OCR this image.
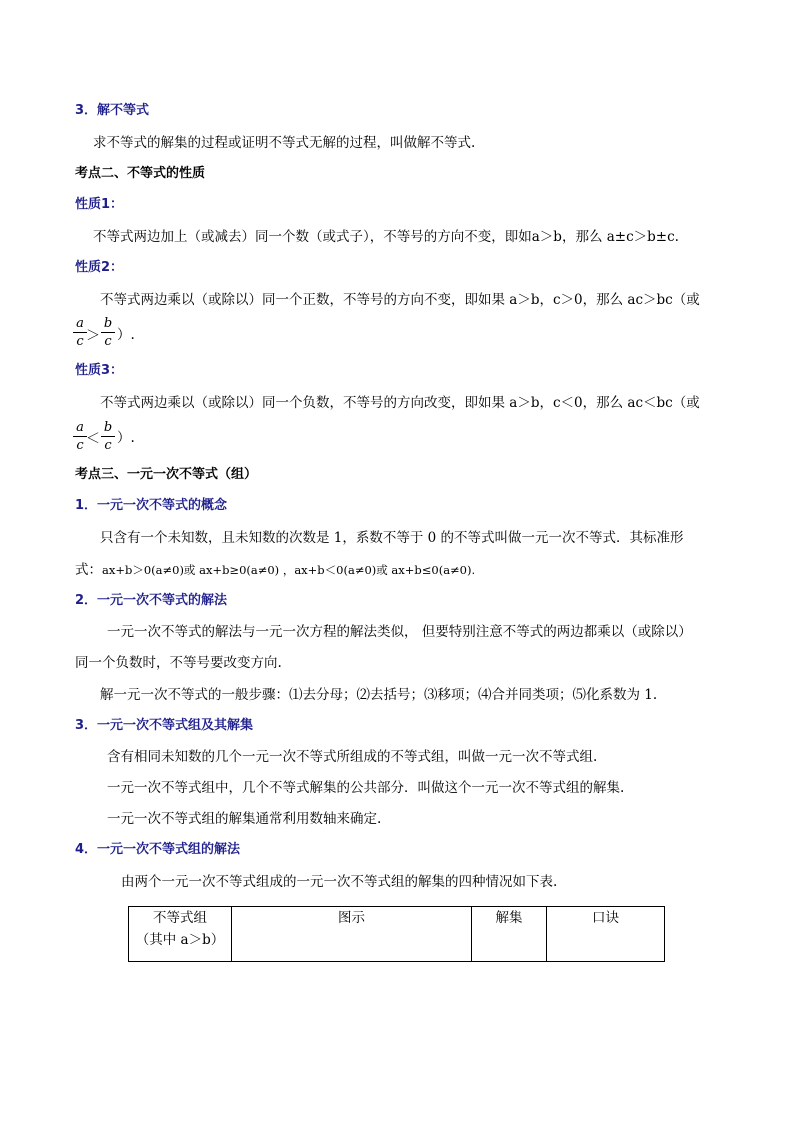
3．解不等式
求不等式的解集的过程或证明不等式无解的过程，叫做解不等式.
考点二、不等式的性质
性质1：
不等式两边加上（或减去）同一个数（或式子），不等号的方向不变，即如a＞b，那么 a±c＞b±c.
性质2：
不等式两边乘以（或除以）同一个正数，不等号的方向不变，即如果 a＞b，c＞0，那么 ac＞bc（或
a
c ＞
b
c ）.
性质3：
不等式两边乘以（或除以）同一个负数，不等号的方向改变，即如果 a＞b，c＜0，那么 ac＜bc（或
a
c ＜
b
c ）.
考点三、一元一次不等式（组）
1．一元一次不等式的概念
只含有一个未知数，且未知数的次数是 1，系数不等于 0 的不等式叫做一元一次不等式．其标准形
式：ax+b＞0(a≠0)或 ax+b≥0(a≠0) ，ax+b＜0(a≠0)或 ax+b≤0(a≠0).
2．一元一次不等式的解法
一元一次不等式的解法与一元一次方程的解法类似， 但要特别注意不等式的两边都乘以（或除以）
同一个负数时，不等号要改变方向.
解一元一次不等式的一般步骤：⑴去分母；⑵去括号；⑶移项；⑷合并同类项；⑸化系数为 1.
3．一元一次不等式组及其解集
含有相同未知数的几个一元一次不等式所组成的不等式组，叫做一元一次不等式组.
一元一次不等式组中，几个不等式解集的公共部分．叫做这个一元一次不等式组的解集.
一元一次不等式组的解集通常利用数轴来确定.
4．一元一次不等式组的解法
由两个一元一次不等式组成的一元一次不等式组的解集的四种情况如下表.
不等式组
（其中 a＞b）
	图示	解集	口诀
